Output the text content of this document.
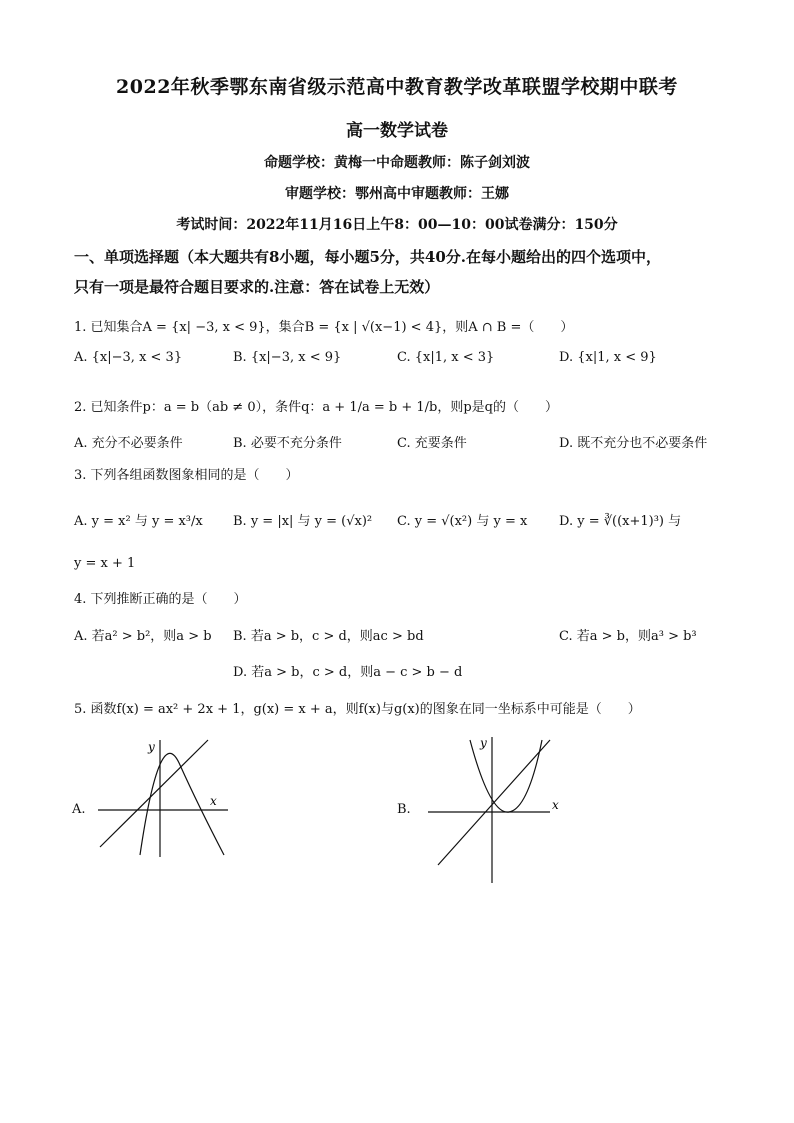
2022年秋季鄂东南省级示范高中教育教学改革联盟学校期中联考
高一数学试卷
命题学校：黄梅一中命题教师：陈子剑刘波
审题学校：鄂州高中审题教师：王娜
考试时间：2022年11月16日上午8：00—10：00试卷满分：150分
一、单项选择题（本大题共有8小题，每小题5分，共40分.在每小题给出的四个选项中，
只有一项是最符合题目要求的.注意：答在试卷上无效）
1. 已知集合A = {x| −3, x < 9}，集合B = {x | √(x−1) < 4}，则A ∩ B =（　　）
A. {x|−3, x < 3}	B. {x|−3, x < 9}	C. {x|1, x < 3}	D. {x|1, x < 9}
2. 已知条件p：a = b（ab ≠ 0），条件q：a + 1/a = b + 1/b，则p是q的（　　）
A. 充分不必要条件	B. 必要不充分条件	C. 充要条件	D. 既不充分也不必要条件
3. 下列各组函数图象相同的是（　　）
A. y = x² 与 y = x³/x B. y = |x| 与 y = (√x)² C. y = √(x²) 与 y = x D. y = ∛((x+1)³) 与
y = x + 1
4. 下列推断正确的是（　　）
A. 若a² > b²，则a > b B. 若a > b，c > d，则ac > bd	C. 若a > b，则a³ > b³
D. 若a > b，c > d，则a − c > b − d
5. 函数f(x) = ax² + 2x + 1，g(x) = x + a，则f(x)与g(x)的图象在同一坐标系中可能是（　　）
A.	B.
y
x
y
x
